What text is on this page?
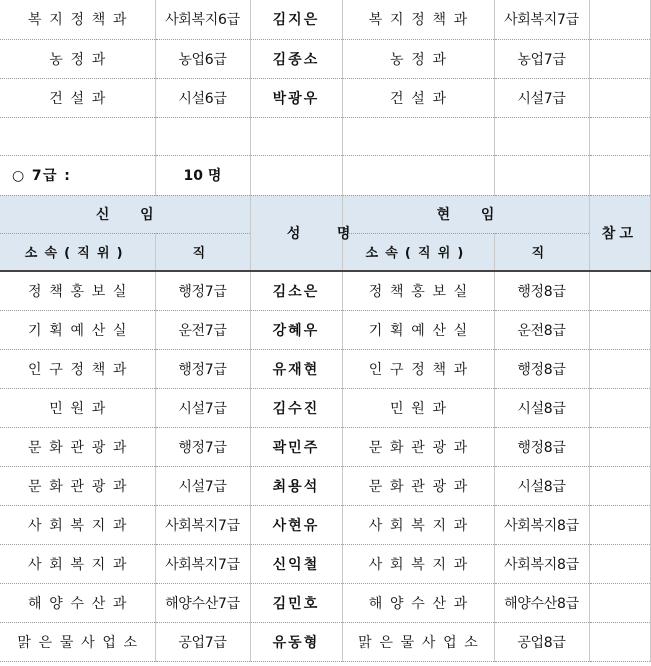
복지정책과	사회복지6급	김지은	복지정책과	사회복지7급	
농정과	농업6급	김종소	농정과	농업7급	
건설과	시설6급	박광우	건설과	시설7급	

○ 7급 :	10 명				
신임		성명	현임		참고
소속(직위)	직		소속(직위)	직	
정책홍보실	행정7급	김소은	정책홍보실	행정8급	
기획예산실	운전7급	강혜우	기획예산실	운전8급	
인구정책과	행정7급	유재현	인구정책과	행정8급	
민원과	시설7급	김수진	민원과	시설8급	
문화관광과	행정7급	곽민주	문화관광과	행정8급	
문화관광과	시설7급	최용석	문화관광과	시설8급	
사회복지과	사회복지7급	사현유	사회복지과	사회복지8급	
사회복지과	사회복지7급	신익철	사회복지과	사회복지8급	
해양수산과	해양수산7급	김민호	해양수산과	해양수산8급	
맑은물사업소	공업7급	유동형	맑은물사업소	공업8급	
